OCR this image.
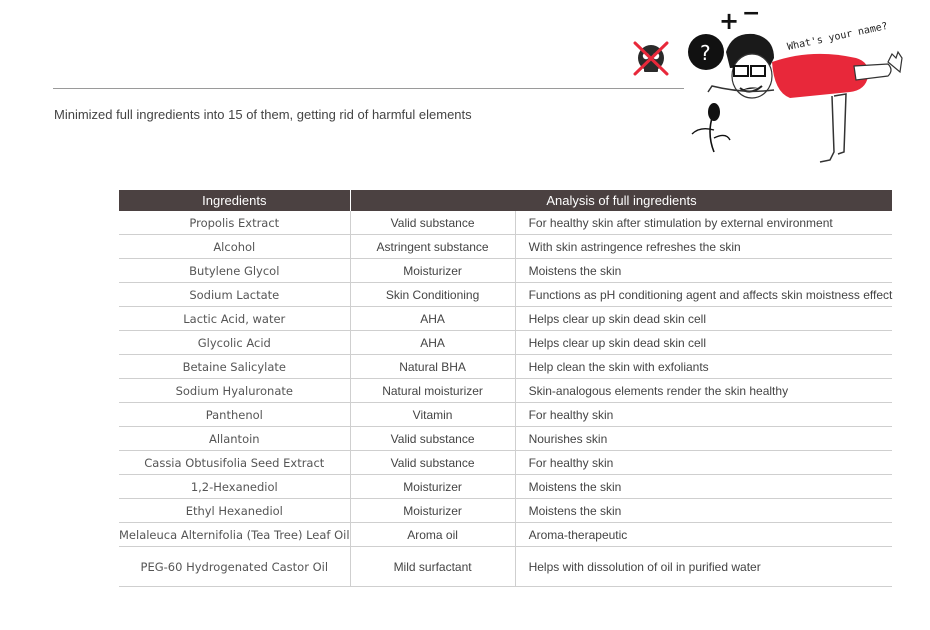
Minimized full ingredients into 15 of them, getting rid of harmful elements
+ −
?
What's your name?
Ingredients	Analysis of full ingredients	
Propolis Extract	Valid substance	For healthy skin after stimulation by external environment
Alcohol	Astringent substance	With skin astringence refreshes the skin
Butylene Glycol	Moisturizer	Moistens the skin
Sodium Lactate	Skin Conditioning	Functions as pH conditioning agent and affects skin moistness effect
Lactic Acid, water	AHA	Helps clear up skin dead skin cell
Glycolic Acid	AHA	Helps clear up skin dead skin cell
Betaine Salicylate	Natural BHA	Help clean the skin with exfoliants
Sodium Hyaluronate	Natural moisturizer	Skin-analogous elements render the skin healthy
Panthenol	Vitamin	For healthy skin
Allantoin	Valid substance	Nourishes skin
Cassia Obtusifolia Seed Extract	Valid substance	For healthy skin
1,2-Hexanediol	Moisturizer	Moistens the skin
Ethyl Hexanediol	Moisturizer	Moistens the skin
Melaleuca Alternifolia (Tea Tree) Leaf Oil	Aroma oil	Aroma-therapeutic
PEG-60 Hydrogenated Castor Oil	Mild surfactant	Helps with dissolution of oil in purified water
